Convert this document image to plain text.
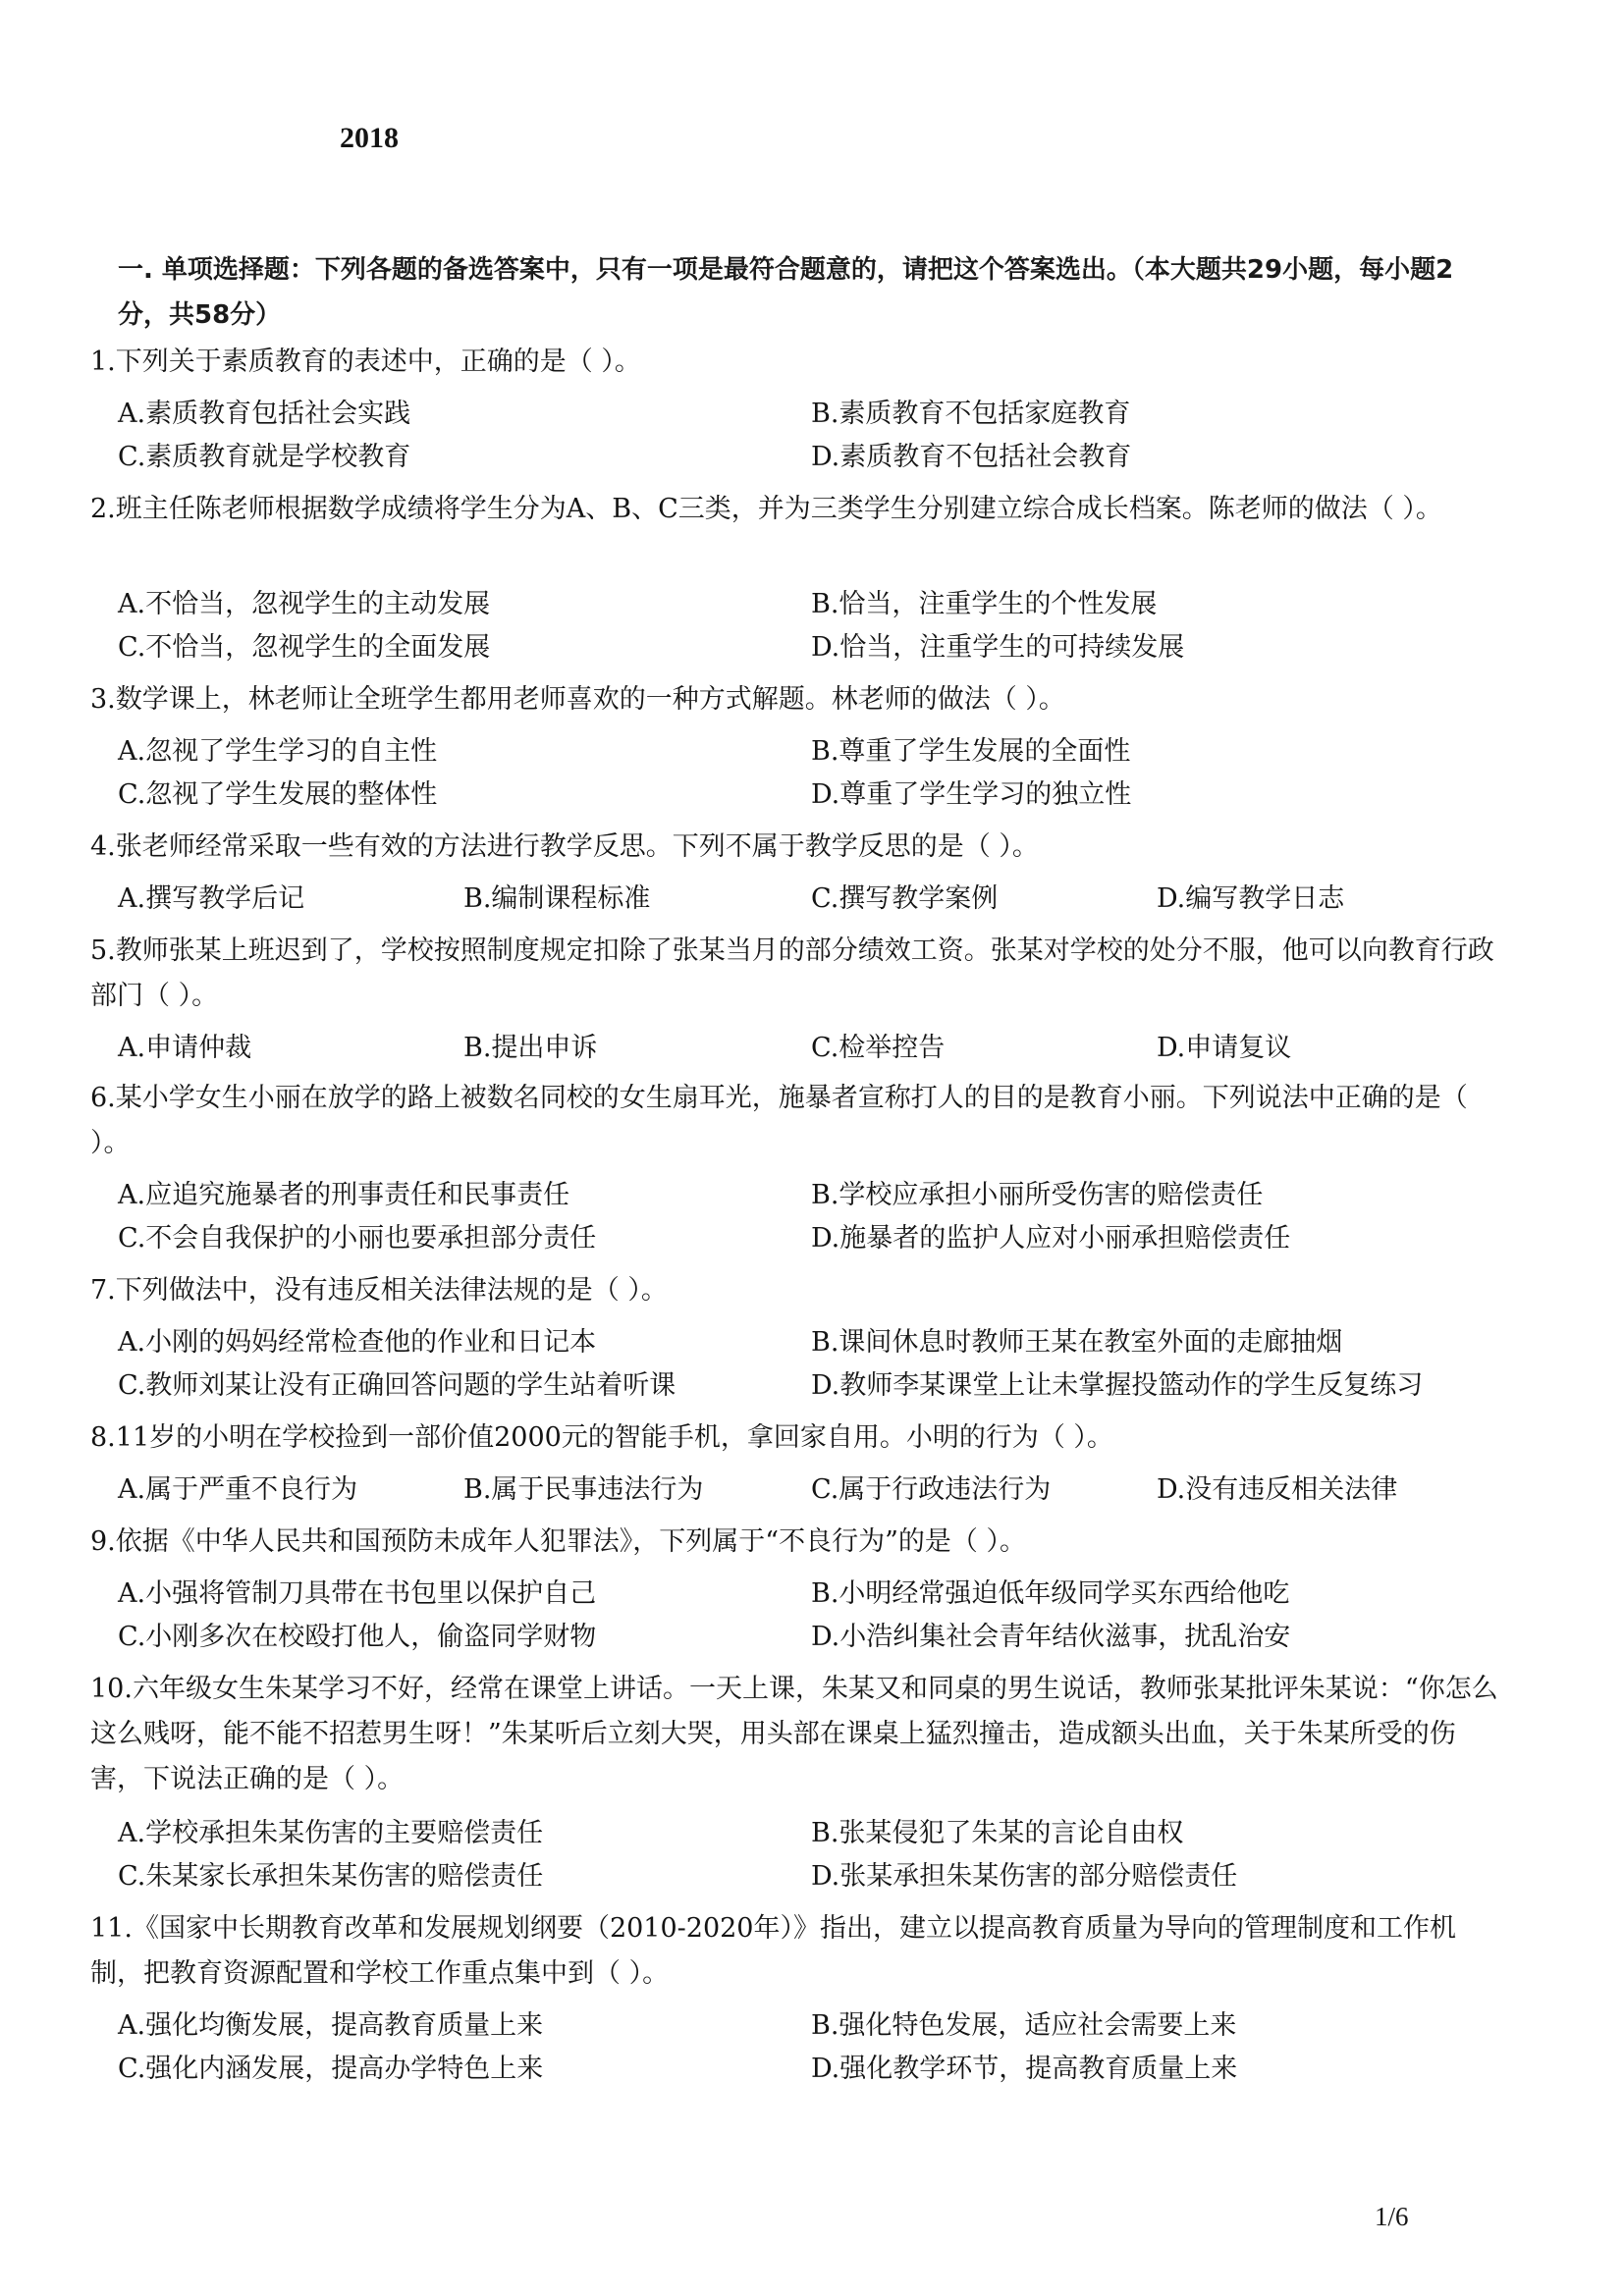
2018
一. 单项选择题：下列各题的备选答案中，只有一项是最符合题意的，请把这个答案选出。（本大题共29小题，每小题2分，共58分）
1.下列关于素质教育的表述中，正确的是（ ）。
A.素质教育包括社会实践	B.素质教育不包括家庭教育
C.素质教育就是学校教育	D.素质教育不包括社会教育
2.班主任陈老师根据数学成绩将学生分为A、B、C三类，并为三类学生分别建立综合成长档案。陈老师的做法（ ）。
A.不恰当，忽视学生的主动发展	B.恰当，注重学生的个性发展
C.不恰当，忽视学生的全面发展	D.恰当，注重学生的可持续发展
3.数学课上，林老师让全班学生都用老师喜欢的一种方式解题。林老师的做法（ ）。
A.忽视了学生学习的自主性	B.尊重了学生发展的全面性
C.忽视了学生发展的整体性	D.尊重了学生学习的独立性
4.张老师经常采取一些有效的方法进行教学反思。下列不属于教学反思的是（ ）。
A.撰写教学后记	B.编制课程标准	C.撰写教学案例	D.编写教学日志
5.教师张某上班迟到了，学校按照制度规定扣除了张某当月的部分绩效工资。张某对学校的处分不服，他可以向教育行政部门（ ）。
A.申请仲裁	B.提出申诉	C.检举控告	D.申请复议
6.某小学女生小丽在放学的路上被数名同校的女生扇耳光，施暴者宣称打人的目的是教育小丽。下列说法中正确的是（ ）。
A.应追究施暴者的刑事责任和民事责任	B.学校应承担小丽所受伤害的赔偿责任
C.不会自我保护的小丽也要承担部分责任	D.施暴者的监护人应对小丽承担赔偿责任
7.下列做法中，没有违反相关法律法规的是（ ）。
A.小刚的妈妈经常检查他的作业和日记本	B.课间休息时教师王某在教室外面的走廊抽烟
C.教师刘某让没有正确回答问题的学生站着听课	D.教师李某课堂上让未掌握投篮动作的学生反复练习
8.11岁的小明在学校捡到一部价值2000元的智能手机，拿回家自用。小明的行为（ ）。
A.属于严重不良行为	B.属于民事违法行为	C.属于行政违法行为	D.没有违反相关法律
9.依据《中华人民共和国预防未成年人犯罪法》，下列属于“不良行为”的是（ ）。
A.小强将管制刀具带在书包里以保护自己	B.小明经常强迫低年级同学买东西给他吃
C.小刚多次在校殴打他人，偷盗同学财物	D.小浩纠集社会青年结伙滋事，扰乱治安
10.六年级女生朱某学习不好，经常在课堂上讲话。一天上课，朱某又和同桌的男生说话，教师张某批评朱某说：“你怎么这么贱呀，能不能不招惹男生呀！”朱某听后立刻大哭，用头部在课桌上猛烈撞击，造成额头出血，关于朱某所受的伤害，下说法正确的是（ ）。
A.学校承担朱某伤害的主要赔偿责任	B.张某侵犯了朱某的言论自由权
C.朱某家长承担朱某伤害的赔偿责任	D.张某承担朱某伤害的部分赔偿责任
11.《国家中长期教育改革和发展规划纲要（2010-2020年）》指出，建立以提高教育质量为导向的管理制度和工作机制，把教育资源配置和学校工作重点集中到（ ）。
A.强化均衡发展，提高教育质量上来	B.强化特色发展，适应社会需要上来
C.强化内涵发展，提高办学特色上来	D.强化教学环节，提高教育质量上来
1/6
